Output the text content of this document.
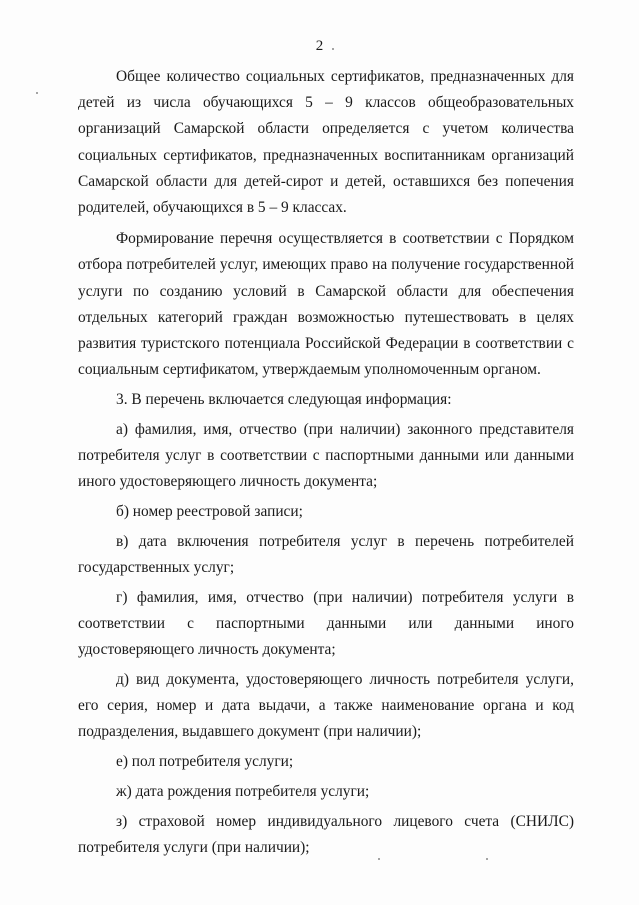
2

Общее количество социальных сертификатов, предназначенных для детей из числа обучающихся 5 – 9 классов общеобразовательных организаций Самарской области определяется с учетом количества социальных сертификатов, предназначенных воспитанникам организаций Самарской области для детей-сирот и детей, оставшихся без попечения родителей, обучающихся в 5 – 9 классах.

Формирование перечня осуществляется в соответствии с Порядком отбора потребителей услуг, имеющих право на получение государственной услуги по созданию условий в Самарской области для обеспечения отдельных категорий граждан возможностью путешествовать в целях развития туристского потенциала Российской Федерации в соответствии с социальным сертификатом, утверждаемым уполномоченным органом.

3. В перечень включается следующая информация:

а) фамилия, имя, отчество (при наличии) законного представителя потребителя услуг в соответствии с паспортными данными или данными иного удостоверяющего личность документа;

б) номер реестровой записи;

в) дата включения потребителя услуг в перечень потребителей государственных услуг;

г) фамилия, имя, отчество (при наличии) потребителя услуги в соответствии с паспортными данными или данными иного удостоверяющего личность документа;

д) вид документа, удостоверяющего личность потребителя услуги, его серия, номер и дата выдачи, а также наименование органа и код подразделения, выдавшего документ (при наличии);

е) пол потребителя услуги;

ж) дата рождения потребителя услуги;

з) страховой номер индивидуального лицевого счета (СНИЛС) потребителя услуги (при наличии);
